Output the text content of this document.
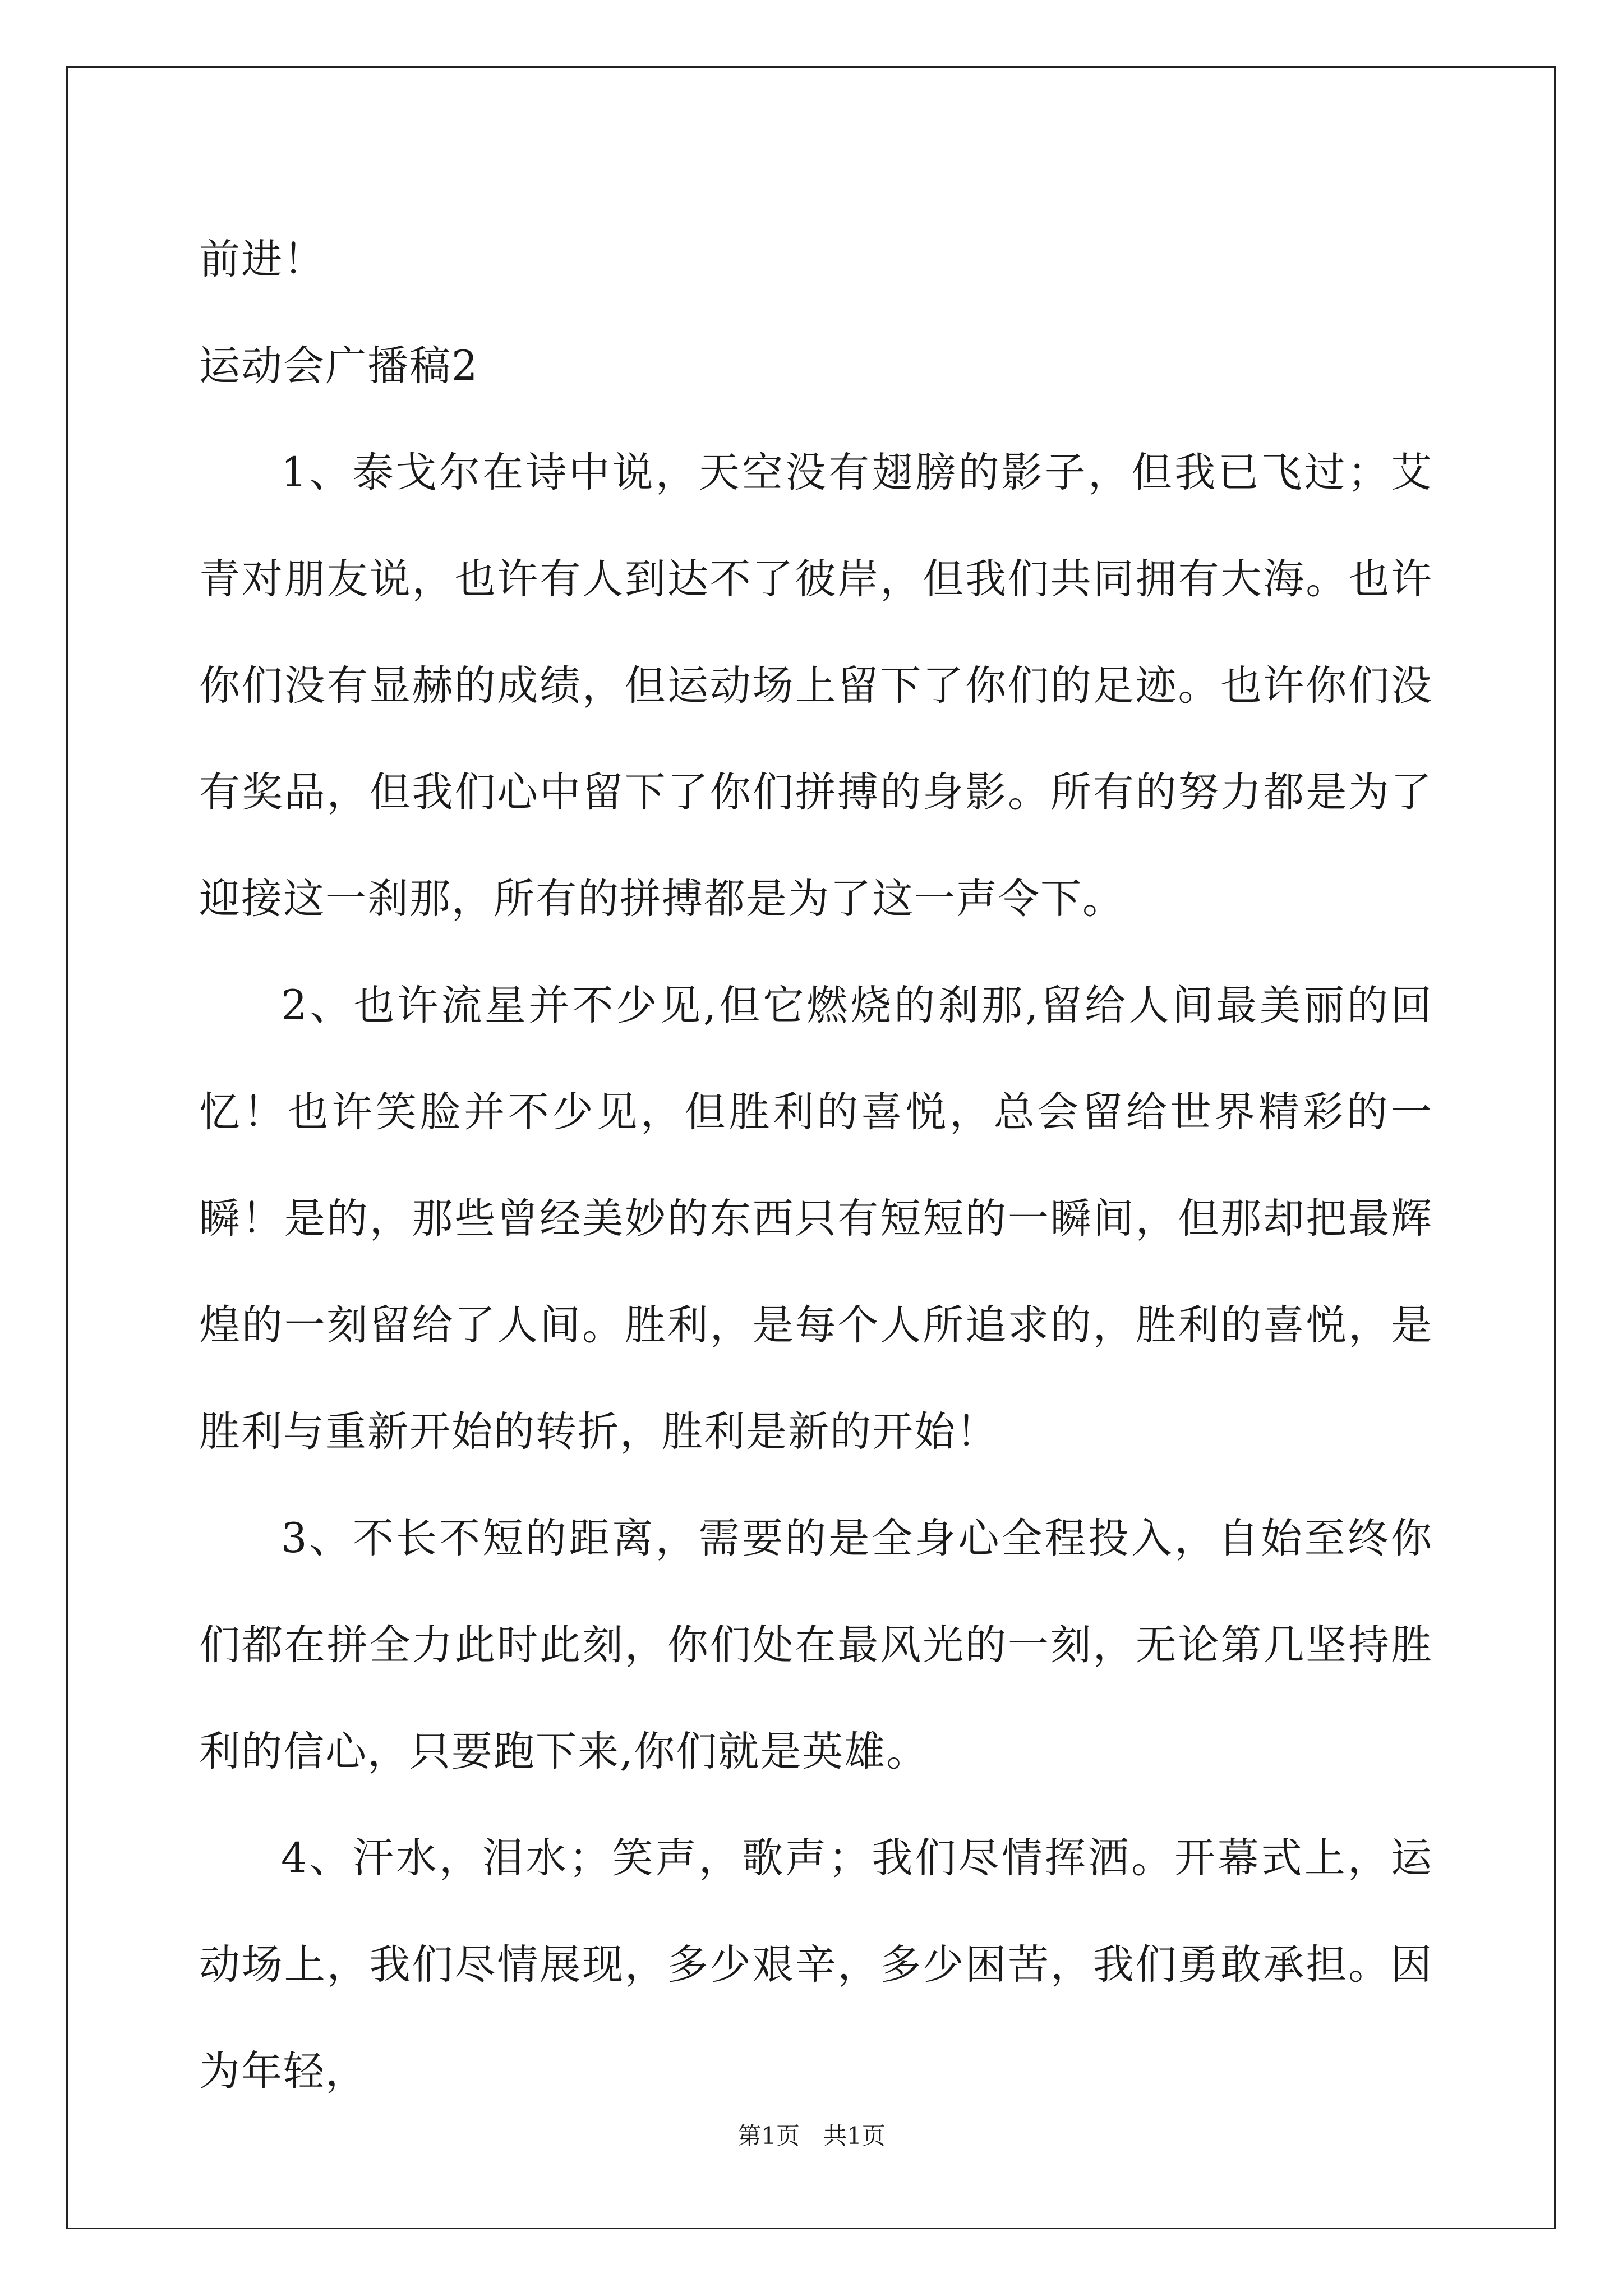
前进！

运动会广播稿2

1、泰戈尔在诗中说，天空没有翅膀的影子，但我已飞过；艾青对朋友说，也许有人到达不了彼岸，但我们共同拥有大海。也许你们没有显赫的成绩，但运动场上留下了你们的足迹。也许你们没有奖品，但我们心中留下了你们拼搏的身影。所有的努力都是为了迎接这一刹那，所有的拼搏都是为了这一声令下。

2、也许流星并不少见,但它燃烧的刹那,留给人间最美丽的回忆！也许笑脸并不少见，但胜利的喜悦，总会留给世界精彩的一瞬！是的，那些曾经美妙的东西只有短短的一瞬间，但那却把最辉煌的一刻留给了人间。胜利，是每个人所追求的，胜利的喜悦，是胜利与重新开始的转折，胜利是新的开始！

3、不长不短的距离，需要的是全身心全程投入，自始至终你们都在拼全力此时此刻，你们处在最风光的一刻，无论第几坚持胜利的信心，只要跑下来,你们就是英雄。

4、汗水，泪水；笑声，歌声；我们尽情挥洒。开幕式上，运动场上，我们尽情展现，多少艰辛，多少困苦，我们勇敢承担。因为年轻，

第1页　共1页
